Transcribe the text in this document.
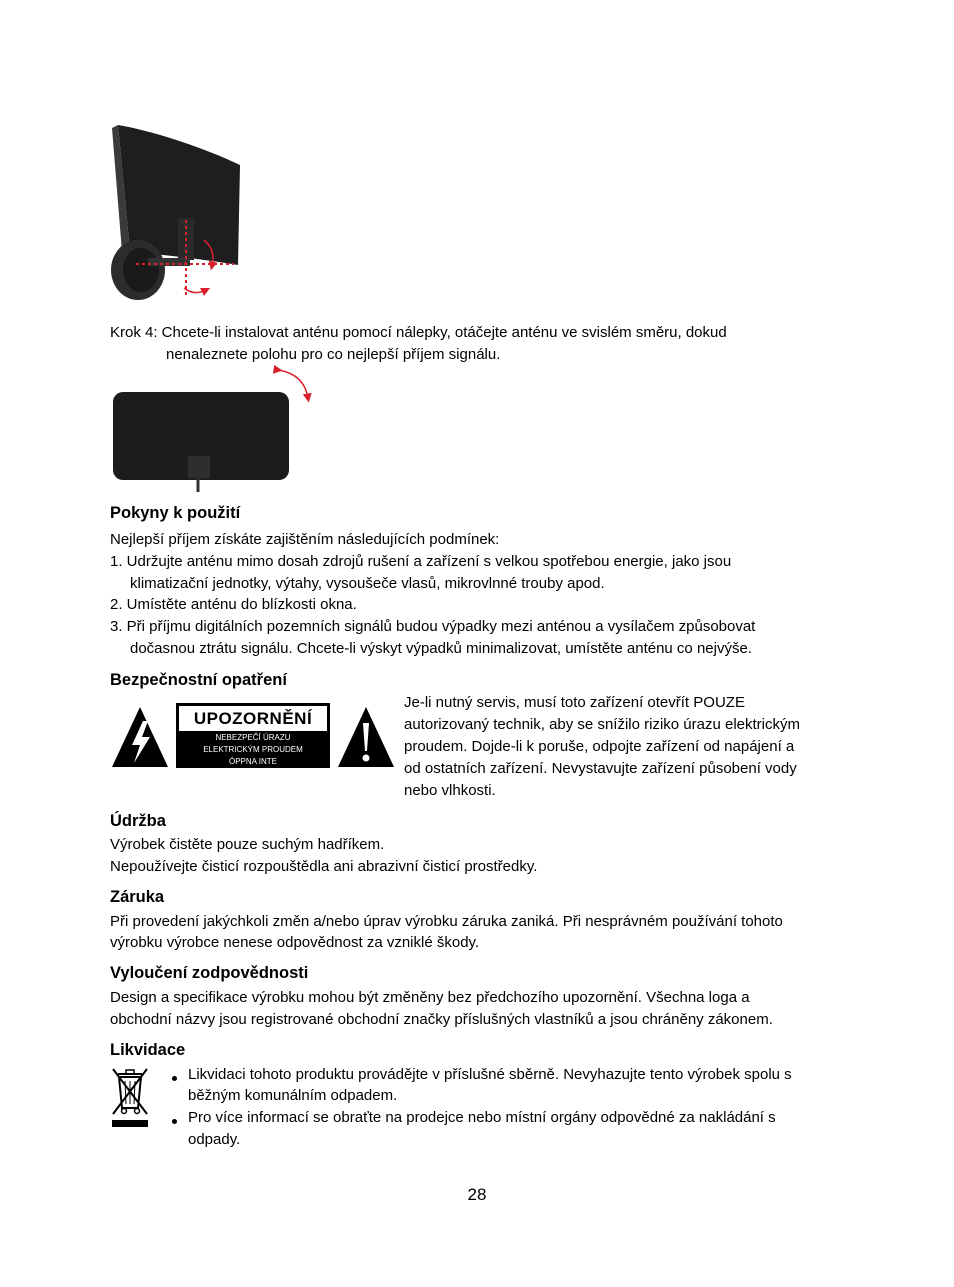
Krok 4: Chcete-li instalovat anténu pomocí nálepky, otáčejte anténu ve svislém směru, dokud
nenaleznete polohu pro co nejlepší příjem signálu.
Pokyny k použití
Nejlepší příjem získáte zajištěním následujících podmínek:
1. Udržujte anténu mimo dosah zdrojů rušení a zařízení s velkou spotřebou energie, jako jsou
klimatizační jednotky, výtahy, vysoušeče vlasů, mikrovlnné trouby apod.
2. Umístěte anténu do blízkosti okna.
3. Při příjmu digitálních pozemních signálů budou výpadky mezi anténou a vysílačem způsobovat
dočasnou ztrátu signálu. Chcete-li výskyt výpadků minimalizovat, umístěte anténu co nejvýše.
Bezpečnostní opatření
UPOZORNĚNÍ
NEBEZPEČÍ ÚRAZU
ELEKTRICKÝM PROUDEM
ÓPPNA INTE
Je-li nutný servis, musí toto zařízení otevřít POUZE
autorizovaný technik, aby se snížilo riziko úrazu elektrickým
proudem. Dojde-li k poruše, odpojte zařízení od napájení a
od ostatních zařízení. Nevystavujte zařízení působení vody
nebo vlhkosti.
Údržba
Výrobek čistěte pouze suchým hadříkem.
Nepoužívejte čisticí rozpouštědla ani abrazivní čisticí prostředky.
Záruka
Při provedení jakýchkoli změn a/nebo úprav výrobku záruka zaniká. Při nesprávném používání tohoto
výrobku výrobce nenese odpovědnost za vzniklé škody.
Vyloučení zodpovědnosti
Design a specifikace výrobku mohou být změněny bez předchozího upozornění. Všechna loga a
obchodní názvy jsou registrované obchodní značky příslušných vlastníků a jsou chráněny zákonem.
Likvidace
Likvidaci tohoto produktu provádějte v příslušné sběrně. Nevyhazujte tento výrobek spolu s
běžným komunálním odpadem.
Pro více informací se obraťte na prodejce nebo místní orgány odpovědné za nakládání s
odpady.
28
